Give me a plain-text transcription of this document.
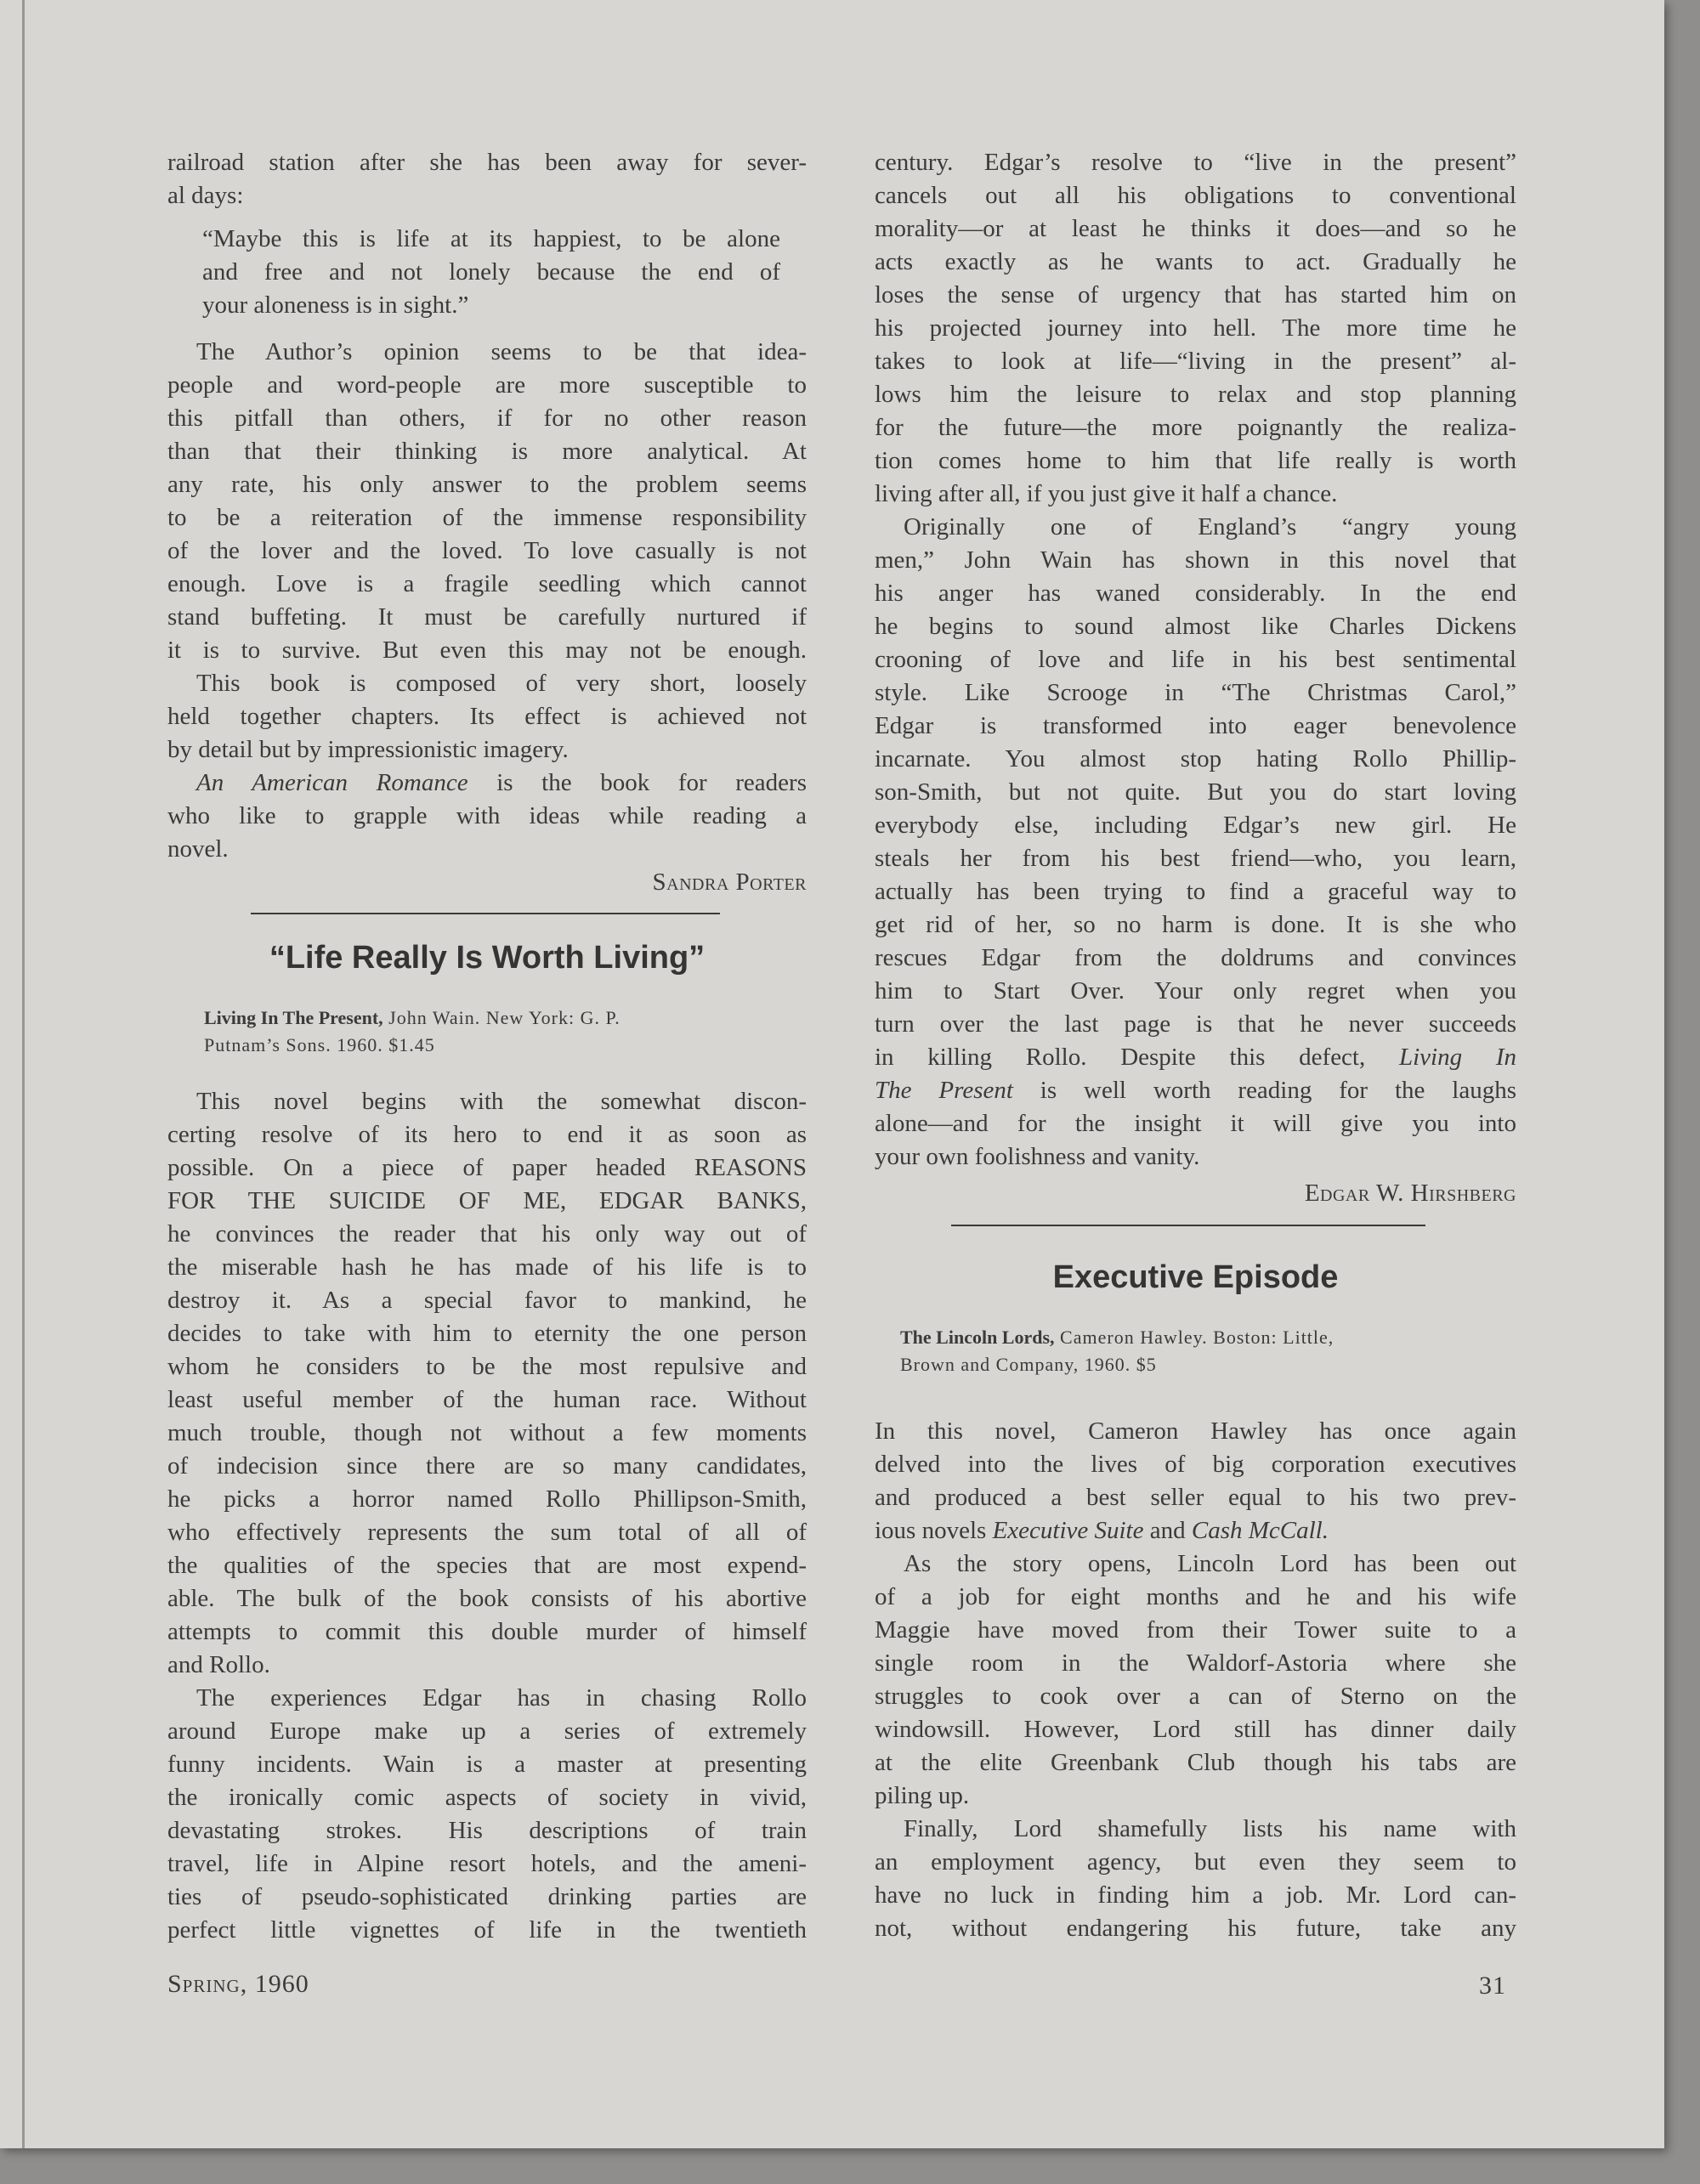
railroad station after she has been away for sever-
al days:
“Maybe this is life at its happiest, to be alone
and free and not lonely because the end of
your aloneness is in sight.”
The Author’s opinion seems to be that idea-
people and word-people are more susceptible to
this pitfall than others, if for no other reason
than that their thinking is more analytical. At
any rate, his only answer to the problem seems
to be a reiteration of the immense responsibility
of the lover and the loved. To love casually is not
enough. Love is a fragile seedling which cannot
stand buffeting. It must be carefully nurtured if
it is to survive. But even this may not be enough.
This book is composed of very short, loosely
held together chapters. Its effect is achieved not
by detail but by impressionistic imagery.
An American Romance is the book for readers
who like to grapple with ideas while reading a
novel.
Sandra Porter
“Life Really Is Worth Living”
Living In The Present, John Wain. New York: G. P.
Putnam’s Sons. 1960. $1.45
This novel begins with the somewhat discon-
certing resolve of its hero to end it as soon as
possible. On a piece of paper headed REASONS
FOR THE SUICIDE OF ME, EDGAR BANKS,
he convinces the reader that his only way out of
the miserable hash he has made of his life is to
destroy it. As a special favor to mankind, he
decides to take with him to eternity the one person
whom he considers to be the most repulsive and
least useful member of the human race. Without
much trouble, though not without a few moments
of indecision since there are so many candidates,
he picks a horror named Rollo Phillipson-Smith,
who effectively represents the sum total of all of
the qualities of the species that are most expend-
able. The bulk of the book consists of his abortive
attempts to commit this double murder of himself
and Rollo.
The experiences Edgar has in chasing Rollo
around Europe make up a series of extremely
funny incidents. Wain is a master at presenting
the ironically comic aspects of society in vivid,
devastating strokes. His descriptions of train
travel, life in Alpine resort hotels, and the ameni-
ties of pseudo-sophisticated drinking parties are
perfect little vignettes of life in the twentieth
century. Edgar’s resolve to “live in the present”
cancels out all his obligations to conventional
morality—or at least he thinks it does—and so he
acts exactly as he wants to act. Gradually he
loses the sense of urgency that has started him on
his projected journey into hell. The more time he
takes to look at life—“living in the present” al-
lows him the leisure to relax and stop planning
for the future—the more poignantly the realiza-
tion comes home to him that life really is worth
living after all, if you just give it half a chance.
Originally one of England’s “angry young
men,” John Wain has shown in this novel that
his anger has waned considerably. In the end
he begins to sound almost like Charles Dickens
crooning of love and life in his best sentimental
style. Like Scrooge in “The Christmas Carol,”
Edgar is transformed into eager benevolence
incarnate. You almost stop hating Rollo Phillip-
son-Smith, but not quite. But you do start loving
everybody else, including Edgar’s new girl. He
steals her from his best friend—who, you learn,
actually has been trying to find a graceful way to
get rid of her, so no harm is done. It is she who
rescues Edgar from the doldrums and convinces
him to Start Over. Your only regret when you
turn over the last page is that he never succeeds
in killing Rollo. Despite this defect, Living In
The Present is well worth reading for the laughs
alone—and for the insight it will give you into
your own foolishness and vanity.
Edgar W. Hirshberg
Executive Episode
The Lincoln Lords, Cameron Hawley. Boston: Little,
Brown and Company, 1960. $5
In this novel, Cameron Hawley has once again
delved into the lives of big corporation executives
and produced a best seller equal to his two prev-
ious novels Executive Suite and Cash McCall.
As the story opens, Lincoln Lord has been out
of a job for eight months and he and his wife
Maggie have moved from their Tower suite to a
single room in the Waldorf-Astoria where she
struggles to cook over a can of Sterno on the
windowsill. However, Lord still has dinner daily
at the elite Greenbank Club though his tabs are
piling up.
Finally, Lord shamefully lists his name with
an employment agency, but even they seem to
have no luck in finding him a job. Mr. Lord can-
not, without endangering his future, take any
Spring, 1960	31
